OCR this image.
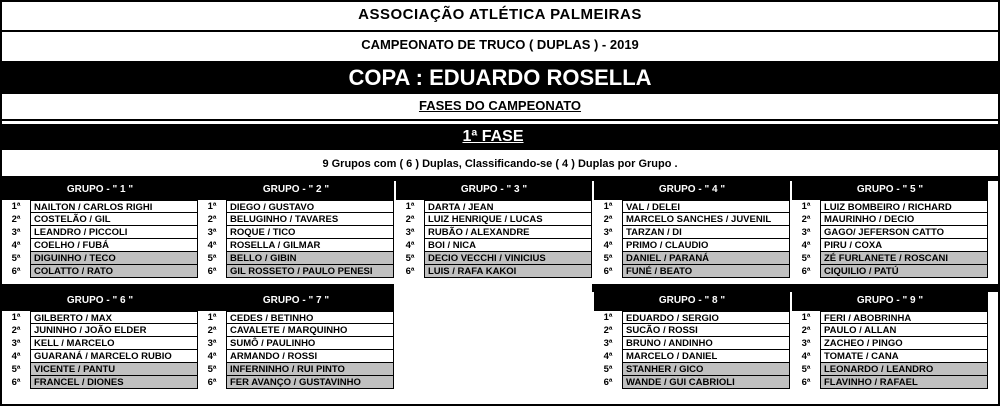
ASSOCIAÇÃO ATLÉTICA PALMEIRAS
CAMPEONATO DE TRUCO ( DUPLAS ) - 2019
COPA : EDUARDO ROSELLA
FASES DO CAMPEONATO
1ª FASE
9 Grupos com ( 6 ) Duplas, Classificando-se ( 4 ) Duplas por Grupo .
GRUPO - " 1 "
1ª	NAILTON / CARLOS RIGHI
2ª	COSTELÃO / GIL
3ª	LEANDRO / PICCOLI
4ª	COELHO / FUBÁ
5ª	DIGUINHO / TECO
6ª	COLATTO / RATO
GRUPO - " 2 "
1ª	DIEGO / GUSTAVO
2ª	BELUGINHO / TAVARES
3ª	ROQUE / TICO
4ª	ROSELLA / GILMAR
5ª	BELLO / GIBIN
6ª	GIL ROSSETO / PAULO PENESI
GRUPO - " 3 "
1ª	DARTA / JEAN
2ª	LUIZ HENRIQUE / LUCAS
3ª	RUBÃO / ALEXANDRE
4ª	BOI / NICA
5ª	DECIO VECCHI / VINICIUS
6ª	LUIS / RAFA KAKOI
GRUPO - " 4 "
1ª	VAL / DELEI
2ª	MARCELO SANCHES / JUVENIL
3ª	TARZAN / DI
4ª	PRIMO / CLAUDIO
5ª	DANIEL / PARANÁ
6ª	FUNÉ / BEATO
GRUPO - " 5 "
1ª	LUIZ BOMBEIRO / RICHARD
2ª	MAURINHO / DECIO
3ª	GAGO/ JEFERSON CATTO
4ª	PIRU / COXA
5ª	ZÉ FURLANETE / ROSCANI
6ª	CIQUILIO / PATÚ
GRUPO - " 6 "
1ª	GILBERTO / MAX
2ª	JUNINHO / JOÃO ELDER
3ª	KELL / MARCELO
4ª	GUARANÁ / MARCELO RUBIO
5ª	VICENTE / PANTU
6ª	FRANCEL / DIONES
GRUPO - " 7 "
1ª	CEDES / BETINHO
2ª	CAVALETE / MARQUINHO
3ª	SUMÔ / PAULINHO
4ª	ARMANDO / ROSSI
5ª	INFERNINHO / RUI PINTO
6ª	FER AVANÇO / GUSTAVINHO
GRUPO - " 8 "
1ª	EDUARDO / SERGIO
2ª	SUCÃO / ROSSI
3ª	BRUNO / ANDINHO
4ª	MARCELO / DANIEL
5ª	STANHER / GICO
6ª	WANDE / GUI CABRIOLI
GRUPO - " 9 "
1ª	FERI / ABOBRINHA
2ª	PAULO / ALLAN
3ª	ZACHEO / PINGO
4ª	TOMATE / CANA
5ª	LEONARDO / LEANDRO
6ª	FLAVINHO / RAFAEL
